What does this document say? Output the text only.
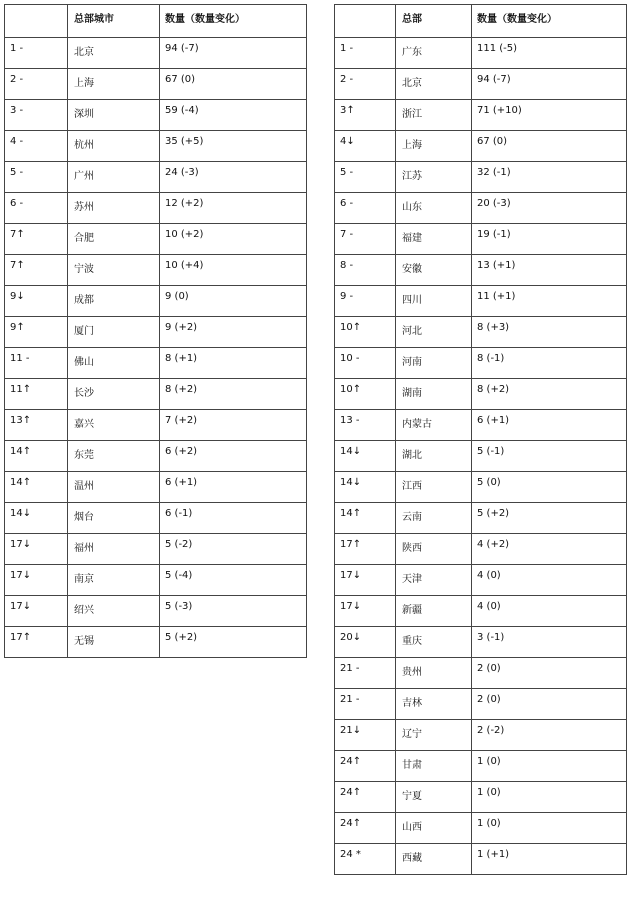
	总部城市	数量（数量变化）
1 -	北京	94 (-7)
2 -	上海	67 (0)
3 -	深圳	59 (-4)
4 -	杭州	35 (+5)
5 -	广州	24 (-3)
6 -	苏州	12 (+2)
7↑	合肥	10 (+2)
7↑	宁波	10 (+4)
9↓	成都	9 (0)
9↑	厦门	9 (+2)
11 -	佛山	8 (+1)
11↑	长沙	8 (+2)
13↑	嘉兴	7 (+2)
14↑	东莞	6 (+2)
14↑	温州	6 (+1)
14↓	烟台	6 (-1)
17↓	福州	5 (-2)
17↓	南京	5 (-4)
17↓	绍兴	5 (-3)
17↑	无锡	5 (+2)
	总部	数量（数量变化）
1 -	广东	111 (-5)
2 -	北京	94 (-7)
3↑	浙江	71 (+10)
4↓	上海	67 (0)
5 -	江苏	32 (-1)
6 -	山东	20 (-3)
7 -	福建	19 (-1)
8 -	安徽	13 (+1)
9 -	四川	11 (+1)
10↑	河北	8 (+3)
10 -	河南	8 (-1)
10↑	湖南	8 (+2)
13 -	内蒙古	6 (+1)
14↓	湖北	5 (-1)
14↓	江西	5 (0)
14↑	云南	5 (+2)
17↑	陕西	4 (+2)
17↓	天津	4 (0)
17↓	新疆	4 (0)
20↓	重庆	3 (-1)
21 -	贵州	2 (0)
21 -	吉林	2 (0)
21↓	辽宁	2 (-2)
24↑	甘肃	1 (0)
24↑	宁夏	1 (0)
24↑	山西	1 (0)
24 *	西藏	1 (+1)
